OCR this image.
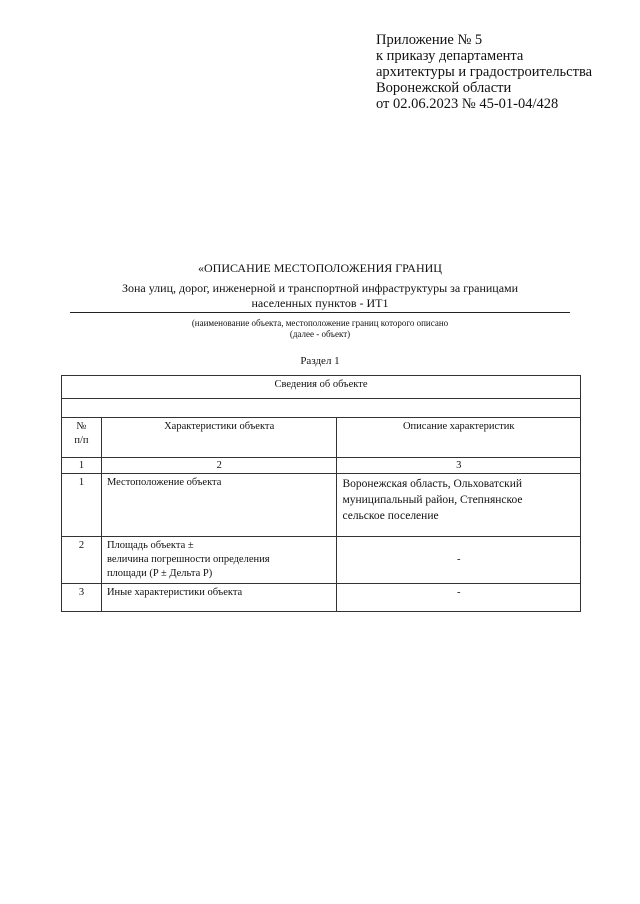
Приложение № 5
к приказу департамента
архитектуры и градостроительства
Воронежской области
от 02.06.2023 № 45-01-04/428
«ОПИСАНИЕ МЕСТОПОЛОЖЕНИЯ ГРАНИЦ
Зона улиц, дорог, инженерной и транспортной инфраструктуры за границами
населенных пунктов - ИТ1
(наименование объекта, местоположение границ которого описано
(далее - объект)
Раздел 1
Сведения об объекте		

№
п/п	Характеристики объекта	Описание характеристик
1	2	3
1	Местоположение объекта	Воронежская область, Ольховатский
муниципальный район, Степнянское
сельское поселение

2	Площадь объекта ±
величина погрешности определения
площади (P ± Дельта P)	-

3	Иные характеристики объекта	-
